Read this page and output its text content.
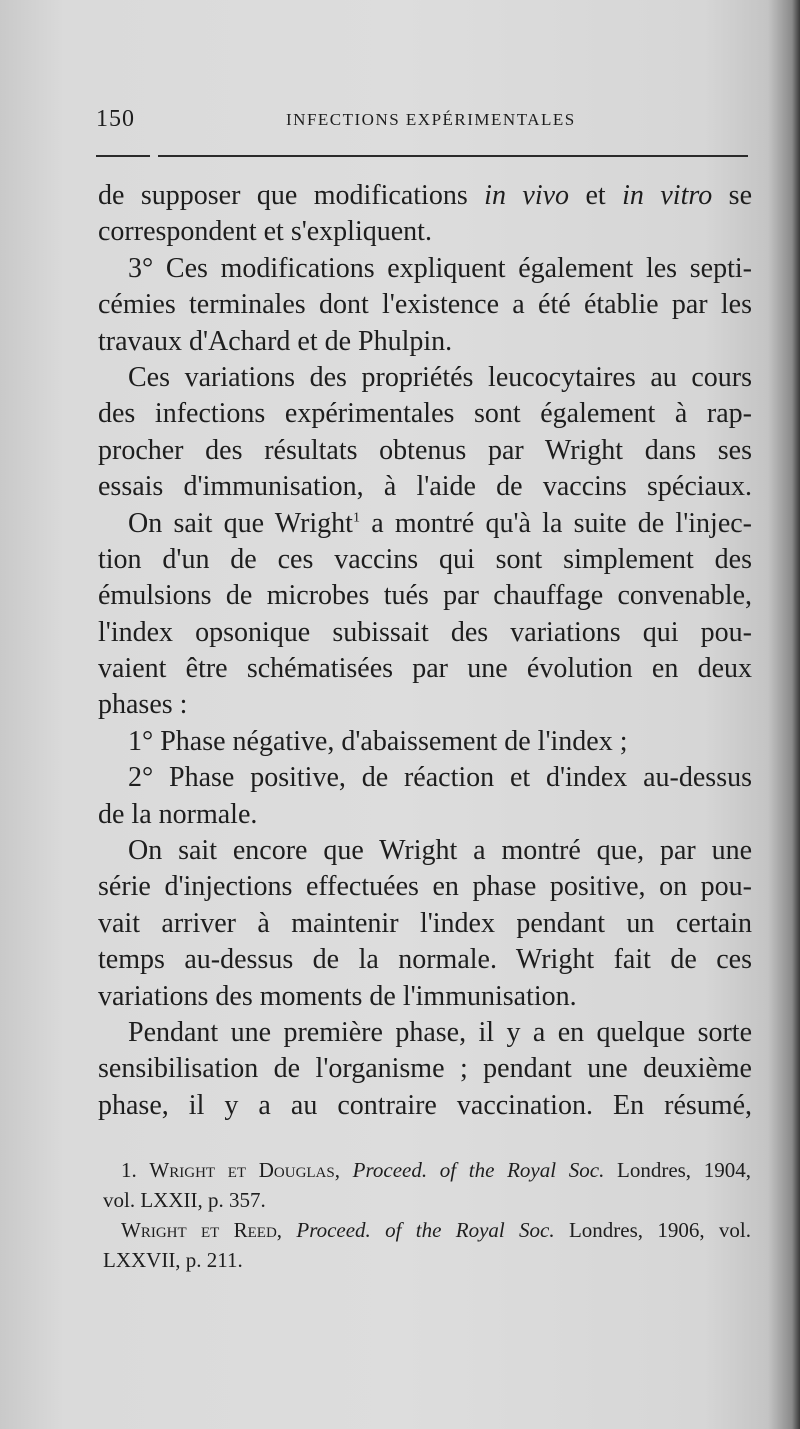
150	INFECTIONS EXPÉRIMENTALES
de supposer que modifications in vivo et in vitro se
correspondent et s'expliquent.
3° Ces modifications expliquent également les septi-
cémies terminales dont l'existence a été établie par les
travaux d'Achard et de Phulpin.
Ces variations des propriétés leucocytaires au cours
des infections expérimentales sont également à rap-
procher des résultats obtenus par Wright dans ses
essais d'immunisation, à l'aide de vaccins spéciaux.
On sait que Wright$^1$ a montré qu'à la suite de l'injec-
tion d'un de ces vaccins qui sont simplement des
émulsions de microbes tués par chauffage convenable,
l'index opsonique subissait des variations qui pou-
vaient être schématisées par une évolution en deux
phases :
1° Phase négative, d'abaissement de l'index ;
2° Phase positive, de réaction et d'index au-dessus
de la normale.
On sait encore que Wright a montré que, par une
série d'injections effectuées en phase positive, on pou-
vait arriver à maintenir l'index pendant un certain
temps au-dessus de la normale. Wright fait de ces
variations des moments de l'immunisation.
Pendant une première phase, il y a en quelque sorte
sensibilisation de l'organisme ; pendant une deuxième
phase, il y a au contraire vaccination. En résumé,
1. Wright et Douglas, Proceed. of the Royal Soc. Londres, 1904,
vol. LXXII, p. 357.
Wright et Reed, Proceed. of the Royal Soc. Londres, 1906, vol.
LXXVII, p. 211.
